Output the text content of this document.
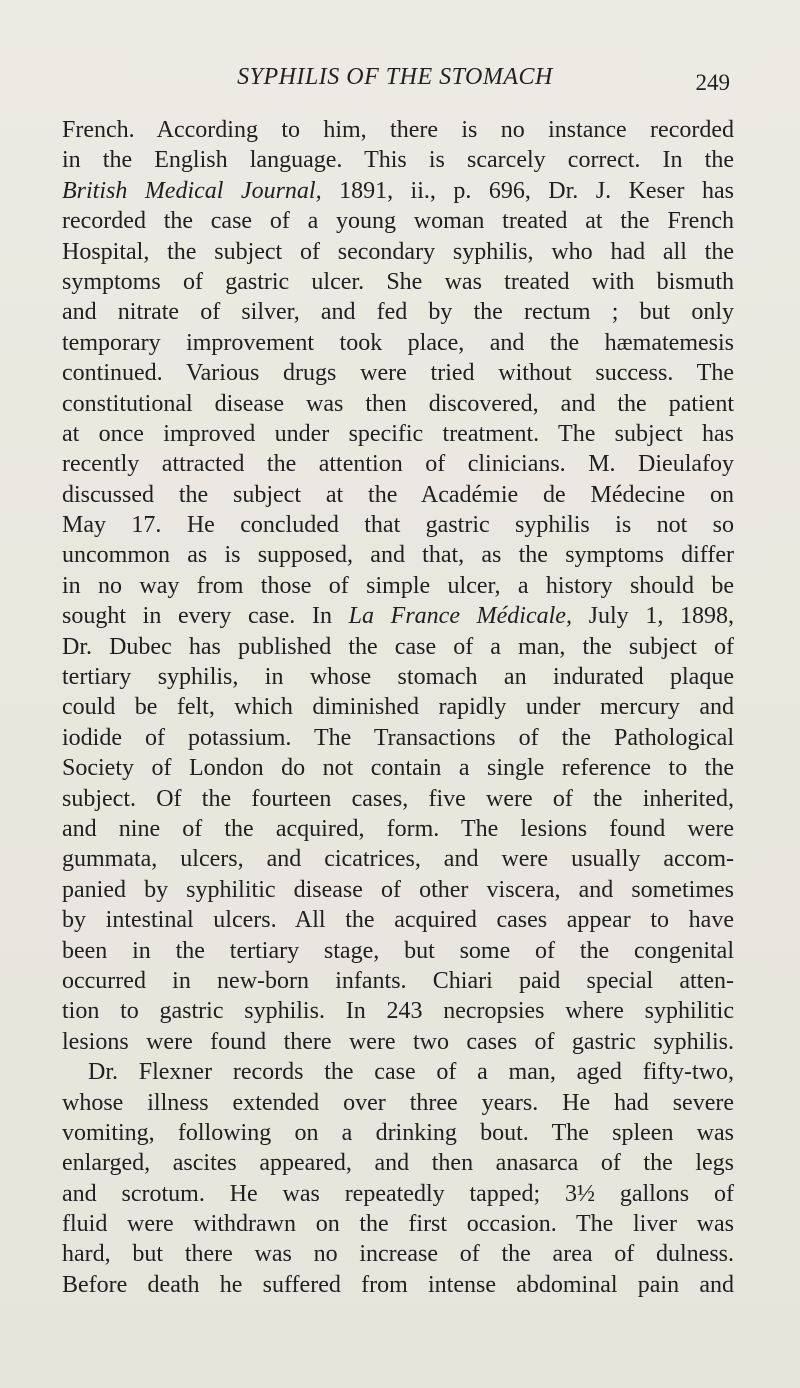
SYPHILIS OF THE STOMACH	249
French. According to him, there is no instance recorded
in the English language. This is scarcely correct. In the
British Medical Journal, 1891, ii., p. 696, Dr. J. Keser has
recorded the case of a young woman treated at the French
Hospital, the subject of secondary syphilis, who had all the
symptoms of gastric ulcer. She was treated with bismuth
and nitrate of silver, and fed by the rectum ; but only
temporary improvement took place, and the hæmatemesis
continued. Various drugs were tried without success. The
constitutional disease was then discovered, and the patient
at once improved under specific treatment. The subject has
recently attracted the attention of clinicians. M. Dieulafoy
discussed the subject at the Académie de Médecine on
May 17. He concluded that gastric syphilis is not so
uncommon as is supposed, and that, as the symptoms differ
in no way from those of simple ulcer, a history should be
sought in every case. In La France Médicale, July 1, 1898,
Dr. Dubec has published the case of a man, the subject of
tertiary syphilis, in whose stomach an indurated plaque
could be felt, which diminished rapidly under mercury and
iodide of potassium. The Transactions of the Pathological
Society of London do not contain a single reference to the
subject. Of the fourteen cases, five were of the inherited,
and nine of the acquired, form. The lesions found were
gummata, ulcers, and cicatrices, and were usually accom-
panied by syphilitic disease of other viscera, and sometimes
by intestinal ulcers. All the acquired cases appear to have
been in the tertiary stage, but some of the congenital
occurred in new-born infants. Chiari paid special atten-
tion to gastric syphilis. In 243 necropsies where syphilitic
lesions were found there were two cases of gastric syphilis.
Dr. Flexner records the case of a man, aged fifty-two,
whose illness extended over three years. He had severe
vomiting, following on a drinking bout. The spleen was
enlarged, ascites appeared, and then anasarca of the legs
and scrotum. He was repeatedly tapped; 3½ gallons of
fluid were withdrawn on the first occasion. The liver was
hard, but there was no increase of the area of dulness.
Before death he suffered from intense abdominal pain and
